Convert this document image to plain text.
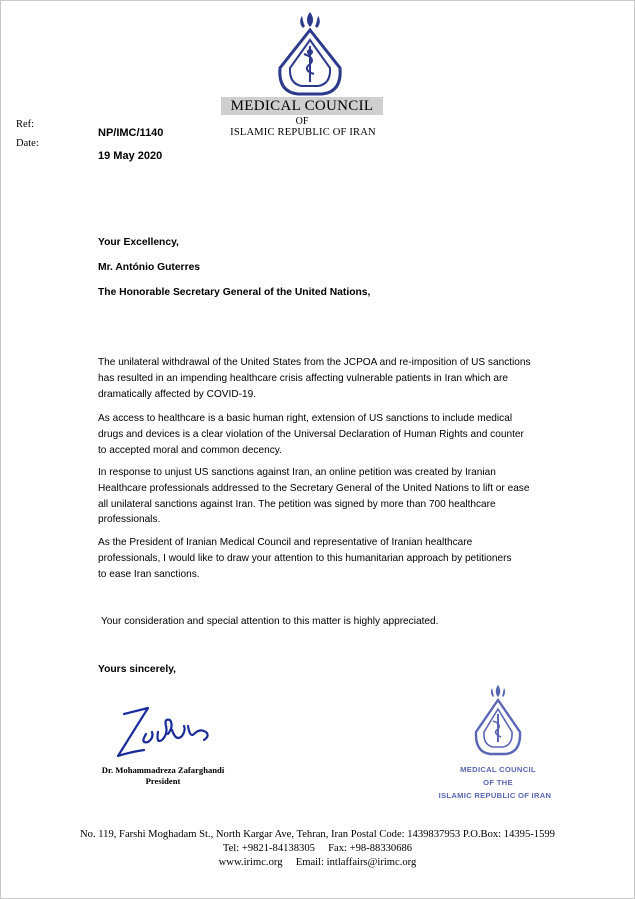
MEDICAL COUNCIL
OF
ISLAMIC REPUBLIC OF IRAN
Ref:
Date:
NP/IMC/1140
19 May 2020
Your Excellency,
Mr. António Guterres
The Honorable Secretary General of the United Nations,
The unilateral withdrawal of the United States from the JCPOA and re-imposition of US sanctions
has resulted in an impending healthcare crisis affecting vulnerable patients in Iran which are
dramatically affected by COVID-19.
As access to healthcare is a basic human right, extension of US sanctions to include medical
drugs and devices is a clear violation of the Universal Declaration of Human Rights and counter
to accepted moral and common decency.
In response to unjust US sanctions against Iran, an online petition was created by Iranian
Healthcare professionals addressed to the Secretary General of the United Nations to lift or ease
all unilateral sanctions against Iran. The petition was signed by more than 700 healthcare
professionals.
As the President of Iranian Medical Council and representative of Iranian healthcare
professionals, I would like to draw your attention to this humanitarian approach by petitioners
to ease Iran sanctions.
Your consideration and special attention to this matter is highly appreciated.
Yours sincerely,
Dr. Mohammadreza Zafarghandi
President
MEDICAL COUNCIL
OF THE
ISLAMIC REPUBLIC OF IRAN
No. 119, Farshi Moghadam St., North Kargar Ave, Tehran, Iran Postal Code: 1439837953 P.O.Box: 14395-1599
Tel: +9821-84138305     Fax: +98-88330686
www.irimc.org     Email: intlaffairs@irimc.org
